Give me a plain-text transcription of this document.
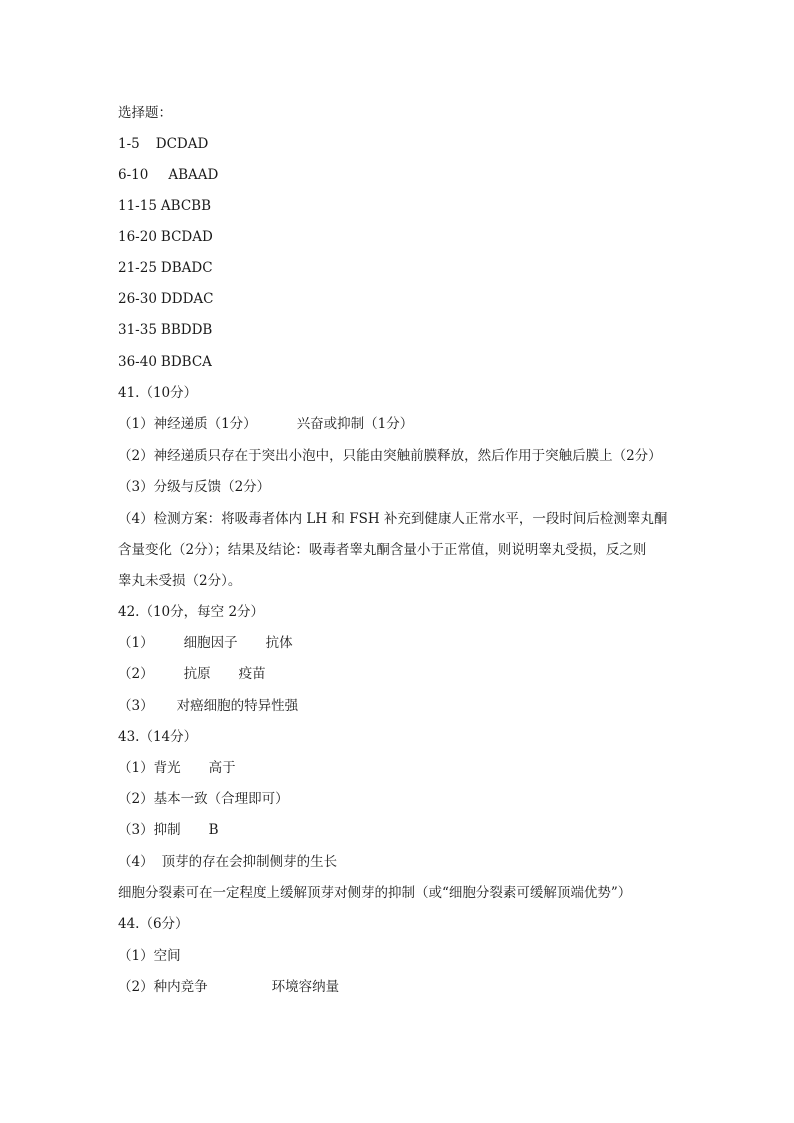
选择题：
1-5 DCDAD
6-10 ABAAD
11-15 ABCBB
16-20 BCDAD
21-25 DBADC
26-30 DDDAC
31-35 BBDDB
36-40 BDBCA
41.（10分）
（1）神经递质（1分）	兴奋或抑制（1分）
（2）神经递质只存在于突出小泡中，只能由突触前膜释放，然后作用于突触后膜上（2分）
（3）分级与反馈（2分）
（4）检测方案：将吸毒者体内 LH 和 FSH 补充到健康人正常水平，一段时间后检测睾丸酮
含量变化（2分）；结果及结论：吸毒者睾丸酮含量小于正常值，则说明睾丸受损，反之则
睾丸未受损（2分）。
42.（10分，每空 2分）
（1） 细胞因子 抗体
（2） 抗原 疫苗
（3） 对癌细胞的特异性强
43.（14分）
（1）背光 高于
（2）基本一致（合理即可）
（3）抑制 B
（4） 顶芽的存在会抑制侧芽的生长
细胞分裂素可在一定程度上缓解顶芽对侧芽的抑制（或“细胞分裂素可缓解顶端优势”）
44.（6分）
（1）空间
（2）种内竞争	环境容纳量
